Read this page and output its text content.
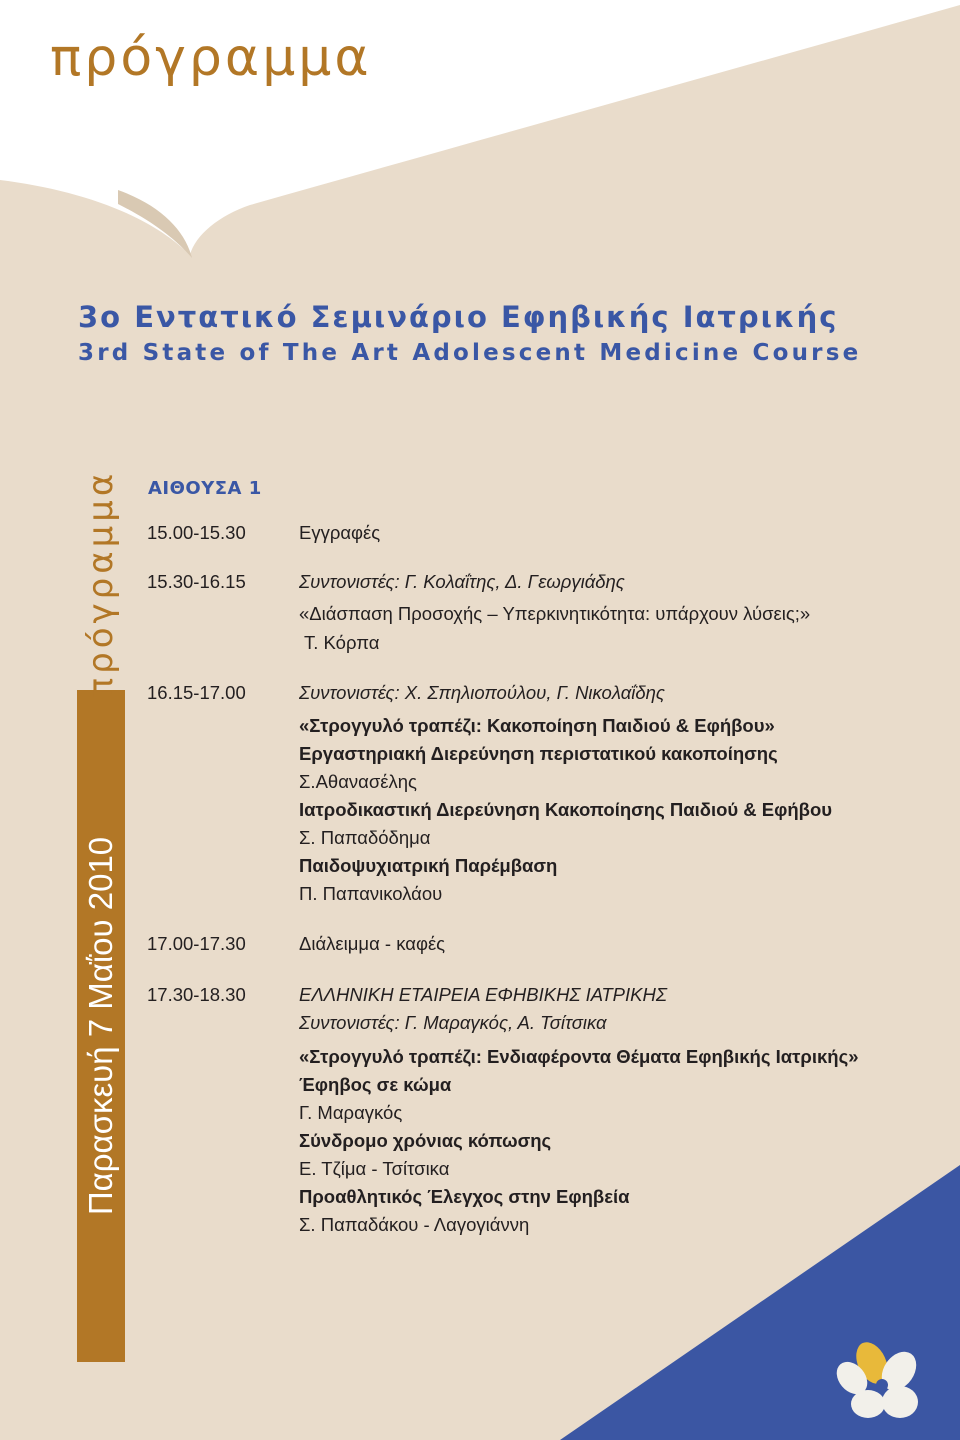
πρόγραμμα
3ο Εντατικό Σεμινάριο Εφηβικής Ιατρικής
3rd State of The Art Adolescent Medicine Course
Παρασκευή 7 Μαΐου 2010
πρόγραμμα ΑΙΘΟΥΣΑ 1
15.00-15.30	Εγγραφές
15.30-16.15	Συντονιστές: Γ. Κολαΐτης, Δ. Γεωργιάδης
«Διάσπαση Προσοχής – Υπερκινητικότητα: υπάρχουν λύσεις;»
Τ. Κόρπα
16.15-17.00	Συντονιστές: Χ. Σπηλιοπούλου, Γ. Νικολαΐδης
«Στρογγυλό τραπέζι: Κακοποίηση Παιδιού & Εφήβου»
Εργαστηριακή Διερεύνηση περιστατικού κακοποίησης
Σ.Αθανασέλης
Ιατροδικαστική Διερεύνηση Κακοποίησης Παιδιού & Εφήβου
Σ. Παπαδόδημα
Παιδοψυχιατρική Παρέμβαση
Π. Παπανικολάου
17.00-17.30	Διάλειμμα - καφές
17.30-18.30	ΕΛΛΗΝΙΚΗ ΕΤΑΙΡΕΙΑ ΕΦΗΒΙΚΗΣ ΙΑΤΡΙΚΗΣ
Συντονιστές: Γ. Μαραγκός, Α. Τσίτσικα
«Στρογγυλό τραπέζι: Ενδιαφέροντα Θέματα Εφηβικής Ιατρικής»
Έφηβος σε κώμα
Γ. Μαραγκός
Σύνδρομο χρόνιας κόπωσης
Ε. Τζίμα - Τσίτσικα
Προαθλητικός Έλεγχος στην Εφηβεία
Σ. Παπαδάκου - Λαγογιάννη
